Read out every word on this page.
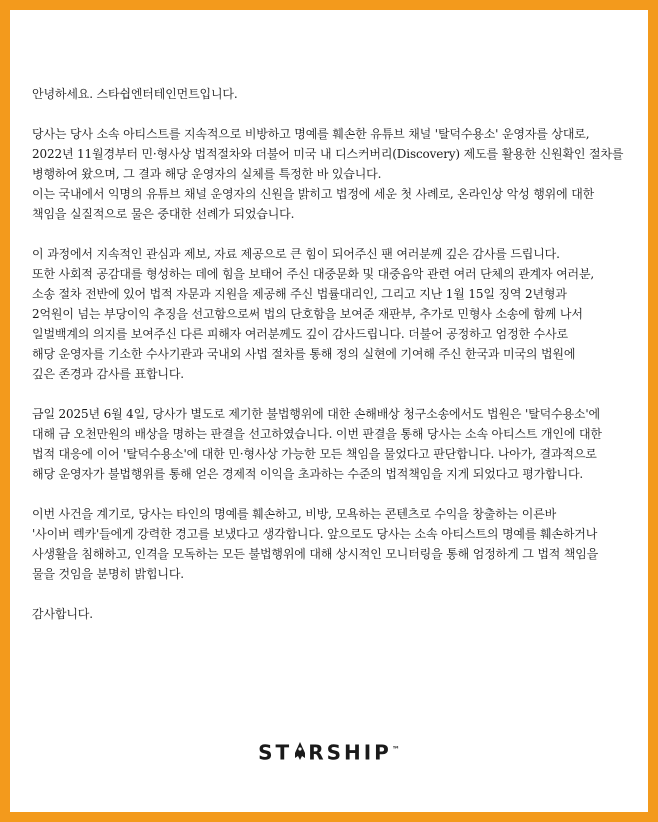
안녕하세요. 스타쉽엔터테인먼트입니다.
당사는 당사 소속 아티스트를 지속적으로 비방하고 명예를 훼손한 유튜브 채널 '탈덕수용소' 운영자를 상대로,
2022년 11월경부터 민·형사상 법적절차와 더불어 미국 내 디스커버리(Discovery) 제도를 활용한 신원확인 절차를
병행하여 왔으며, 그 결과 해당 운영자의 실체를 특정한 바 있습니다.
이는 국내에서 익명의 유튜브 채널 운영자의 신원을 밝히고 법정에 세운 첫 사례로, 온라인상 악성 행위에 대한
책임을 실질적으로 물은 중대한 선례가 되었습니다.
이 과정에서 지속적인 관심과 제보, 자료 제공으로 큰 힘이 되어주신 팬 여러분께 깊은 감사를 드립니다.
또한 사회적 공감대를 형성하는 데에 힘을 보태어 주신 대중문화 및 대중음악 관련 여러 단체의 관계자 여러분,
소송 절차 전반에 있어 법적 자문과 지원을 제공해 주신 법률대리인, 그리고 지난 1월 15일 징역 2년형과
2억원이 넘는 부당이익 추징을 선고함으로써 법의 단호함을 보여준 재판부, 추가로 민형사 소송에 함께 나서
일벌백계의 의지를 보여주신 다른 피해자 여러분께도 깊이 감사드립니다. 더불어 공정하고 엄정한 수사로
해당 운영자를 기소한 수사기관과 국내외 사법 절차를 통해 정의 실현에 기여해 주신 한국과 미국의 법원에
깊은 존경과 감사를 표합니다.
금일 2025년 6월 4일, 당사가 별도로 제기한 불법행위에 대한 손해배상 청구소송에서도 법원은 '탈덕수용소'에
대해 금 오천만원의 배상을 명하는 판결을 선고하였습니다. 이번 판결을 통해 당사는 소속 아티스트 개인에 대한
법적 대응에 이어 '탈덕수용소'에 대한 민·형사상 가능한 모든 책임을 물었다고 판단합니다. 나아가, 결과적으로
해당 운영자가 불법행위를 통해 얻은 경제적 이익을 초과하는 수준의 법적책임을 지게 되었다고 평가합니다.
이번 사건을 계기로, 당사는 타인의 명예를 훼손하고, 비방, 모욕하는 콘텐츠로 수익을 창출하는 이른바
'사이버 렉카'들에게 강력한 경고를 보냈다고 생각합니다. 앞으로도 당사는 소속 아티스트의 명예를 훼손하거나
사생활을 침해하고, 인격을 모독하는 모든 불법행위에 대해 상시적인 모니터링을 통해 엄정하게 그 법적 책임을
물을 것임을 분명히 밝힙니다.
감사합니다.
ST RSHIP™
